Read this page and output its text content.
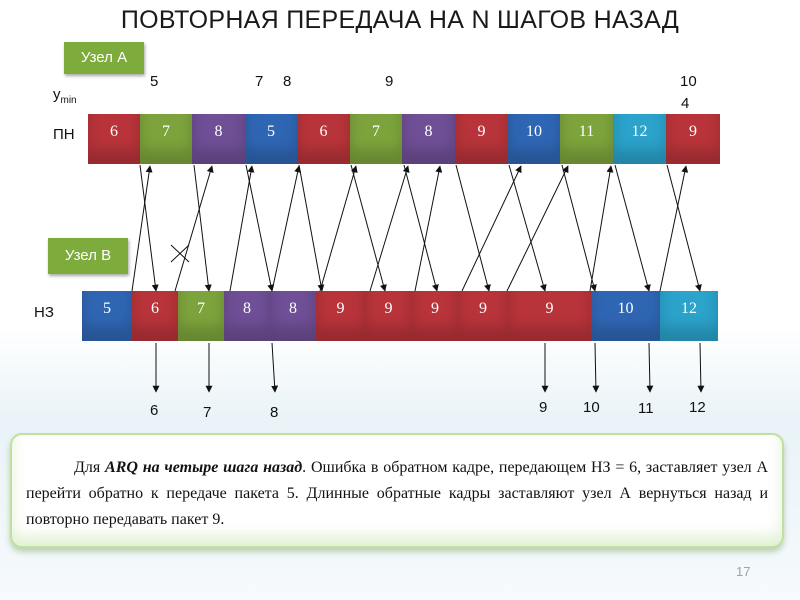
ПОВТОРНАЯ ПЕРЕДАЧА НА N ШАГОВ НАЗАД
Узел А
Узел В
$y_{min}$
ПН
НЗ
5	7 8	9	10
4
6	7	8	5	6	7	8	9	10	11	12	9
5	6	7	8	8	9	9	9	9	9	10	12
6	7	8	9 10	11 12

Для ARQ на четыре шага назад. Ошибка в обратном кадре, передающем НЗ = 6, заставляет узел А перейти обратно к передаче пакета 5. Длинные обратные кадры заставляют узел А вернуться назад и повторно передавать пакет 9.

17
